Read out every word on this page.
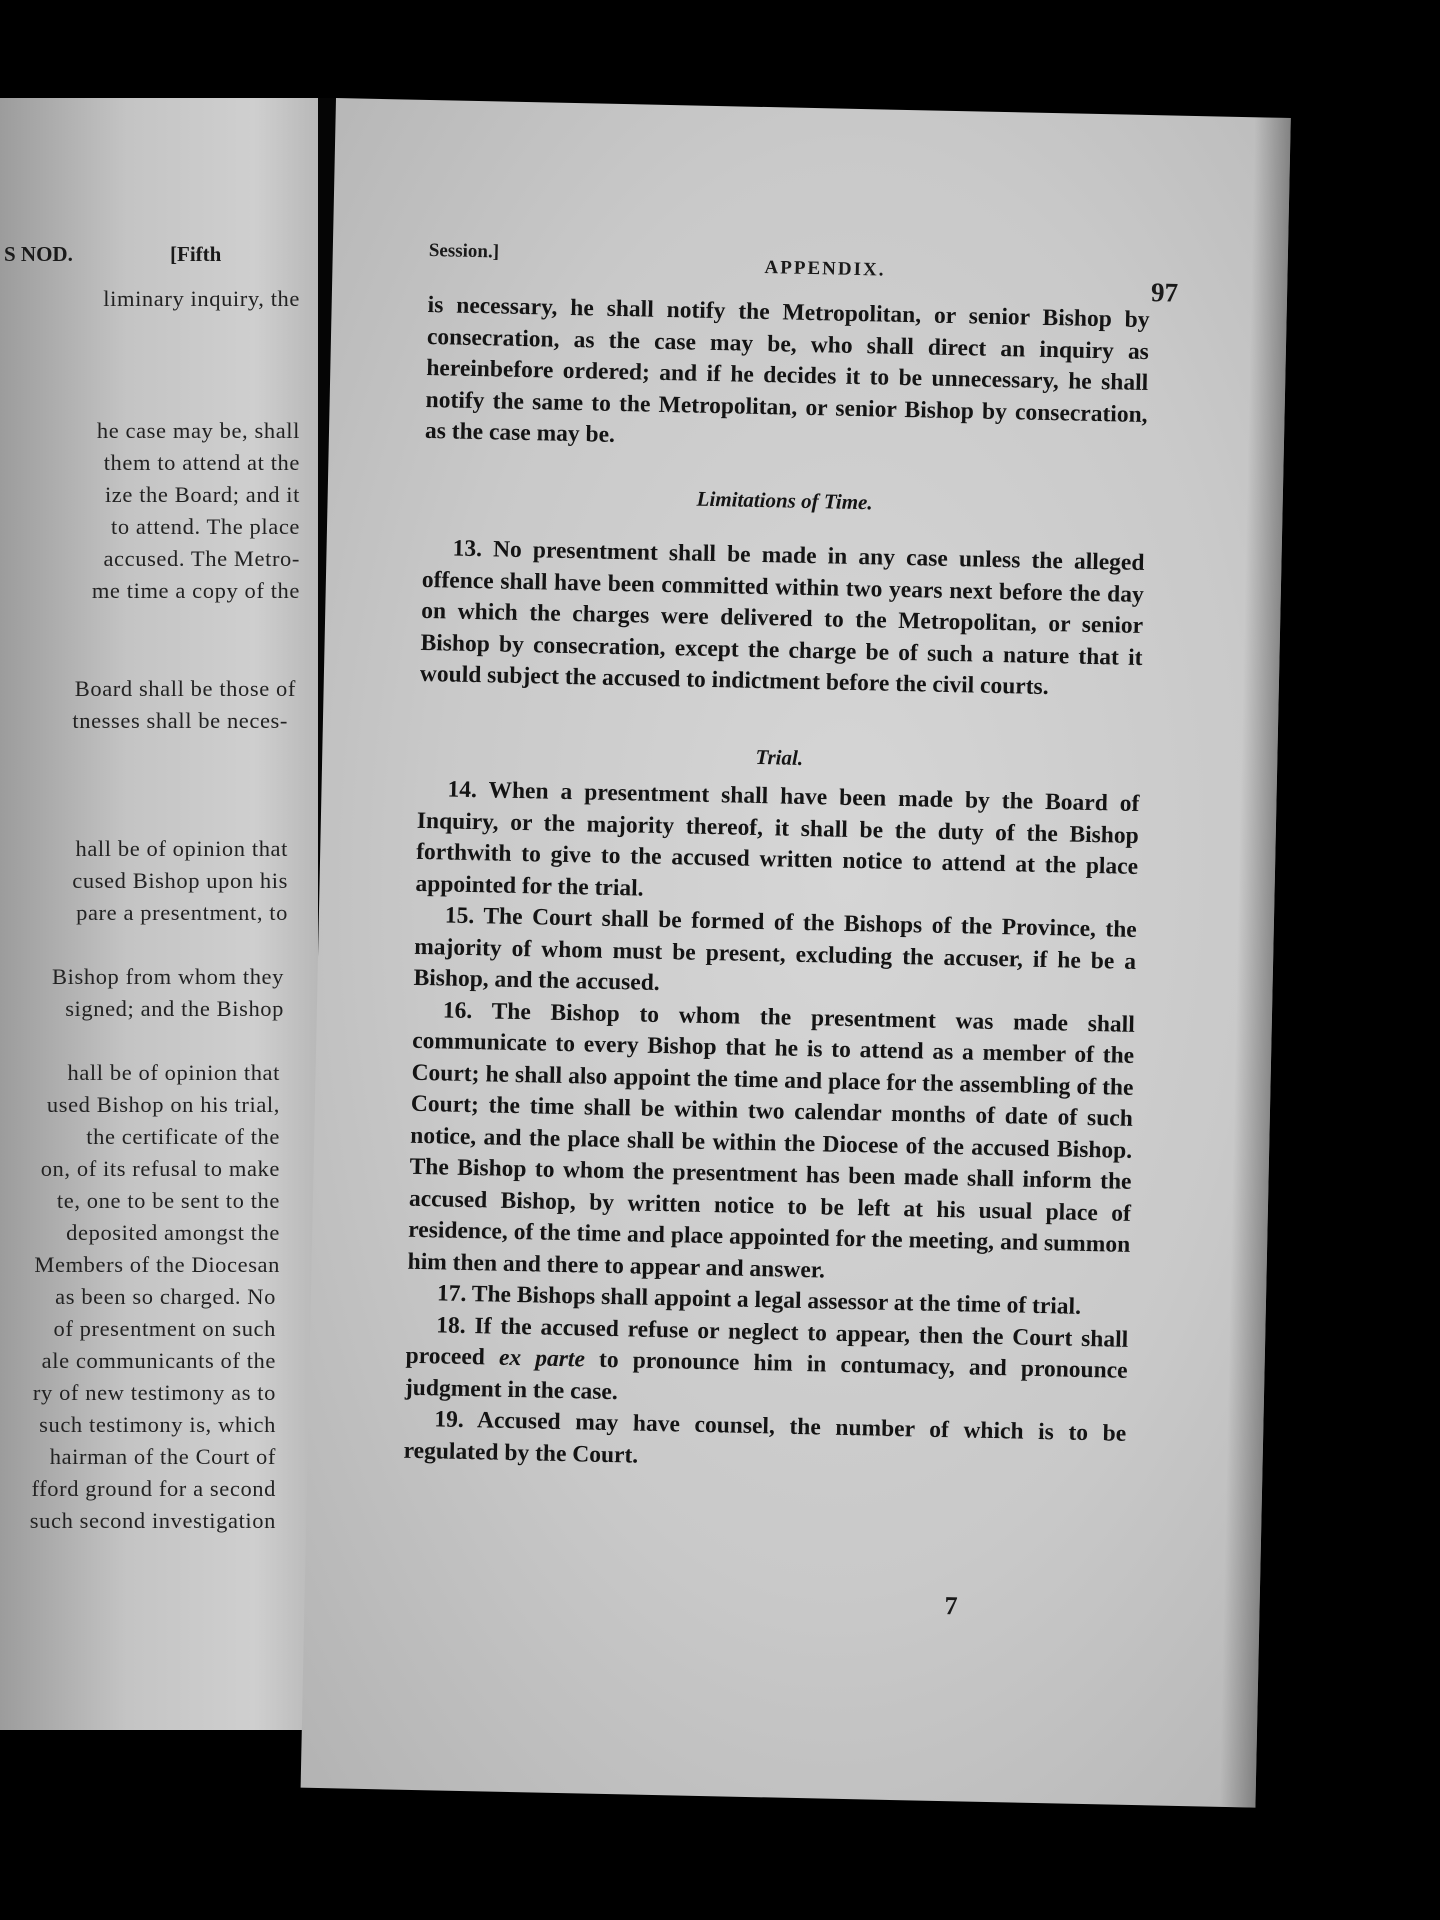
S NOD.	[Fifth
liminary inquiry, the
he case may be, shall
them to attend at the
ize the Board; and it
to attend. The place
accused. The Metro-
me time a copy of the
Board shall be those of
tnesses shall be neces-
hall be of opinion that
cused Bishop upon his
pare a presentment, to
Bishop from whom they
signed; and the Bishop
hall be of opinion that
used Bishop on his trial,
the certificate of the
on, of its refusal to make
te, one to be sent to the
deposited amongst the
Members of the Diocesan
as been so charged. No
of presentment on such
ale communicants of the
ry of new testimony as to
such testimony is, which
hairman of the Court of
fford ground for a second
such second investigation
Session.]
APPENDIX.
97

is necessary, he shall notify the Metropolitan, or senior Bishop by consecration, as the case may be, who shall direct an inquiry as hereinbefore ordered; and if he decides it to be unnecessary, he shall notify the same to the Metropolitan, or senior Bishop by consecration, as the case may be.

Limitations of Time.

13. No presentment shall be made in any case unless the alleged offence shall have been committed within two years next before the day on which the charges were delivered to the Metropolitan, or senior Bishop by consecration, except the charge be of such a nature that it would subject the accused to indictment before the civil courts.

Trial.

14. When a presentment shall have been made by the Board of Inquiry, or the majority thereof, it shall be the duty of the Bishop forthwith to give to the accused written notice to attend at the place appointed for the trial.

15. The Court shall be formed of the Bishops of the Province, the majority of whom must be present, excluding the accuser, if he be a Bishop, and the accused.

16. The Bishop to whom the presentment was made shall communicate to every Bishop that he is to attend as a member of the Court; he shall also appoint the time and place for the assembling of the Court; the time shall be within two calendar months of date of such notice, and the place shall be within the Diocese of the accused Bishop. The Bishop to whom the presentment has been made shall inform the accused Bishop, by written notice to be left at his usual place of residence, of the time and place appointed for the meeting, and summon him then and there to appear and answer.

17. The Bishops shall appoint a legal assessor at the time of trial.

18. If the accused refuse or neglect to appear, then the Court shall proceed ex parte to pronounce him in contumacy, and pronounce judgment in the case.

19. Accused may have counsel, the number of which is to be regulated by the Court.

7
